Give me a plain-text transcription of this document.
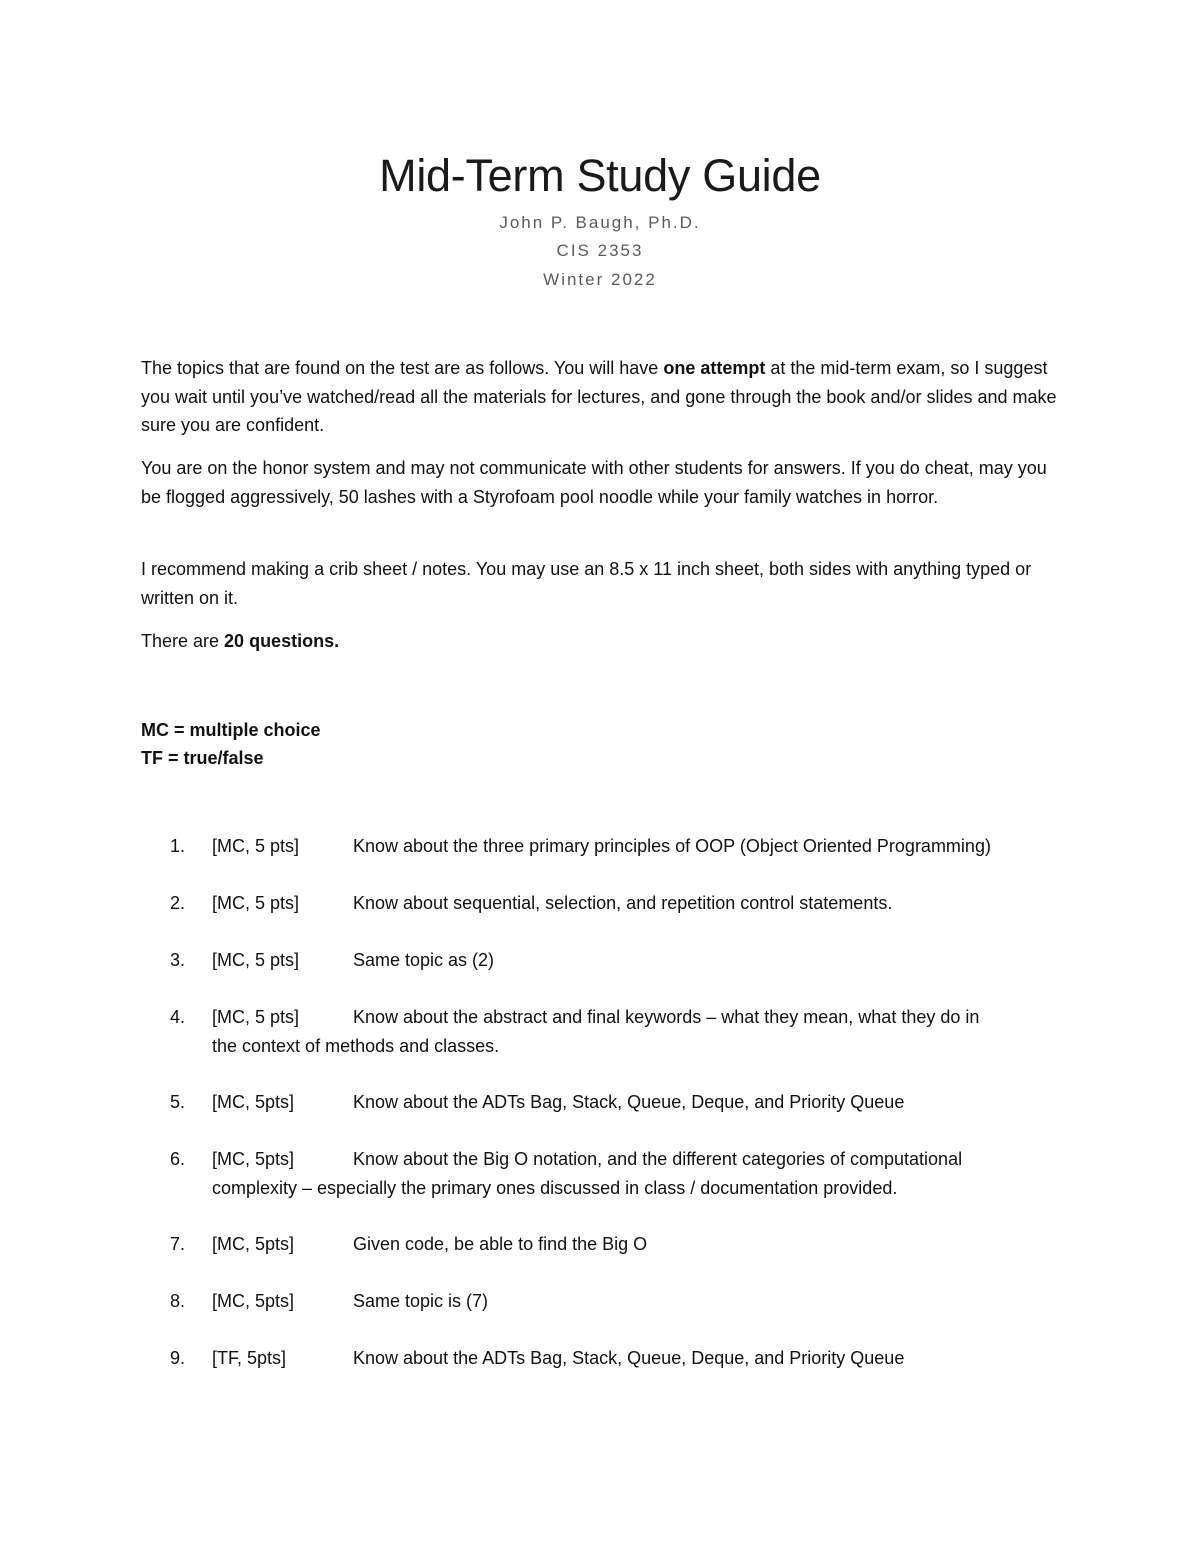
Mid-Term Study Guide
John P. Baugh, Ph.D.
CIS 2353
Winter 2022
The topics that are found on the test are as follows. You will have one attempt at the mid-term exam, so I suggest you wait until you’ve watched/read all the materials for lectures, and gone through the book and/or slides and make sure you are confident.
You are on the honor system and may not communicate with other students for answers. If you do cheat, may you be flogged aggressively, 50 lashes with a Styrofoam pool noodle while your family watches in horror.
I recommend making a crib sheet / notes. You may use an 8.5 x 11 inch sheet, both sides with anything typed or written on it.
There are 20 questions.
MC = multiple choice
TF = true/false
1.	[MC, 5 pts]	Know about the three primary principles of OOP (Object Oriented Programming)
2.	[MC, 5 pts]	Know about sequential, selection, and repetition control statements.
3.	[MC, 5 pts]	Same topic as (2)
4.	[MC, 5 pts]	Know about the abstract and final keywords – what they mean, what they do in
the context of methods and classes.
5.	[MC, 5pts]	Know about the ADTs Bag, Stack, Queue, Deque, and Priority Queue
6.	[MC, 5pts]	Know about the Big O notation, and the different categories of computational
complexity – especially the primary ones discussed in class / documentation provided.
7.	[MC, 5pts]	Given code, be able to find the Big O
8.	[MC, 5pts]	Same topic is (7)
9.	[TF, 5pts]	Know about the ADTs Bag, Stack, Queue, Deque, and Priority Queue
